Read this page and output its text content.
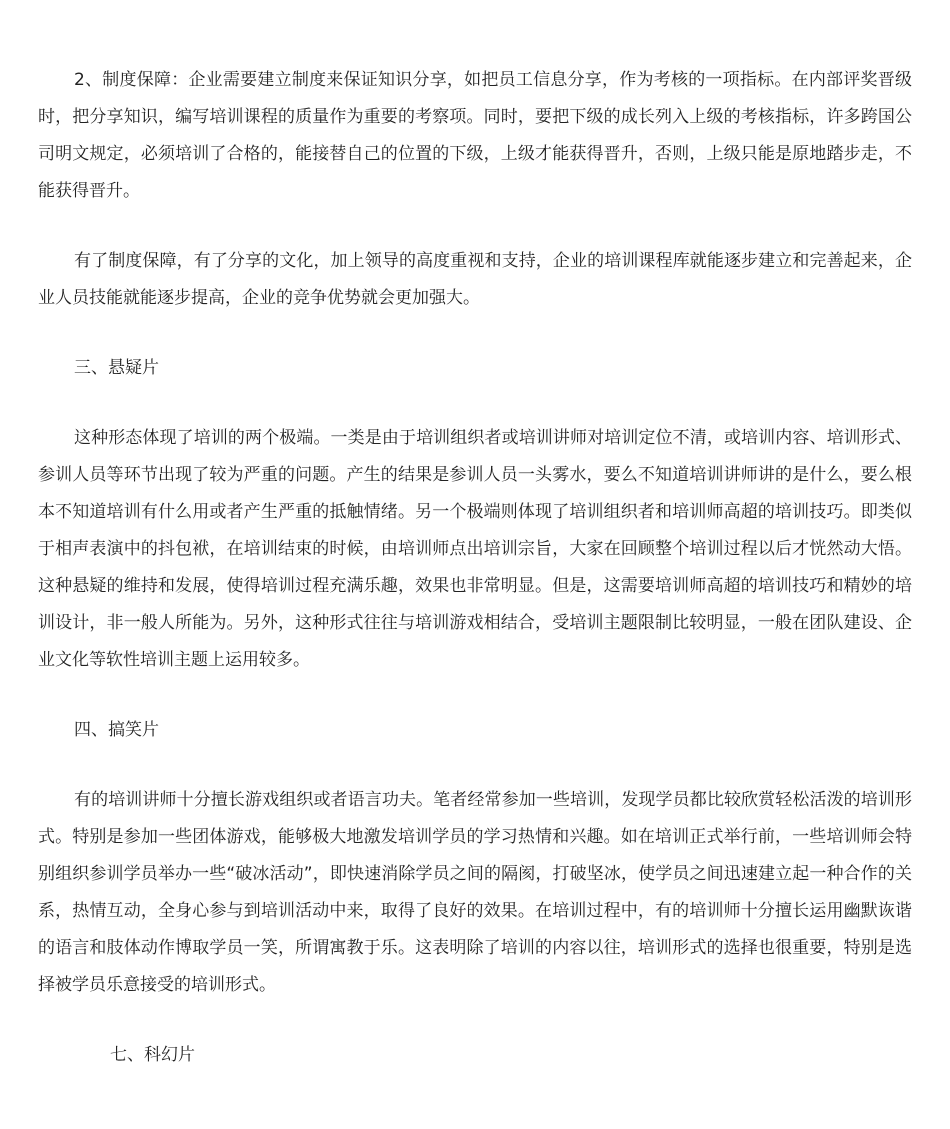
2、制度保障：企业需要建立制度来保证知识分享，如把员工信息分享，作为考核的一项指标。在内部评奖晋级时，把分享知识，编写培训课程的质量作为重要的考察项。同时，要把下级的成长列入上级的考核指标，许多跨国公司明文规定，必须培训了合格的，能接替自己的位置的下级，上级才能获得晋升，否则，上级只能是原地踏步走，不能获得晋升。

有了制度保障，有了分享的文化，加上领导的高度重视和支持，企业的培训课程库就能逐步建立和完善起来，企业人员技能就能逐步提高，企业的竞争优势就会更加强大。

三、悬疑片

这种形态体现了培训的两个极端。一类是由于培训组织者或培训讲师对培训定位不清，或培训内容、培训形式、参训人员等环节出现了较为严重的问题。产生的结果是参训人员一头雾水，要么不知道培训讲师讲的是什么，要么根本不知道培训有什么用或者产生严重的抵触情绪。另一个极端则体现了培训组织者和培训师高超的培训技巧。即类似于相声表演中的抖包袱，在培训结束的时候，由培训师点出培训宗旨，大家在回顾整个培训过程以后才恍然动大悟。这种悬疑的维持和发展，使得培训过程充满乐趣，效果也非常明显。但是，这需要培训师高超的培训技巧和精妙的培训设计，非一般人所能为。另外，这种形式往往与培训游戏相结合，受培训主题限制比较明显，一般在团队建设、企业文化等软性培训主题上运用较多。

四、搞笑片

有的培训讲师十分擅长游戏组织或者语言功夫。笔者经常参加一些培训，发现学员都比较欣赏轻松活泼的培训形式。特别是参加一些团体游戏，能够极大地激发培训学员的学习热情和兴趣。如在培训正式举行前，一些培训师会特别组织参训学员举办一些“破冰活动”，即快速消除学员之间的隔阂，打破坚冰，使学员之间迅速建立起一种合作的关系，热情互动，全身心参与到培训活动中来，取得了良好的效果。在培训过程中，有的培训师十分擅长运用幽默诙谐的语言和肢体动作博取学员一笑，所谓寓教于乐。这表明除了培训的内容以往，培训形式的选择也很重要，特别是选择被学员乐意接受的培训形式。

七、科幻片
